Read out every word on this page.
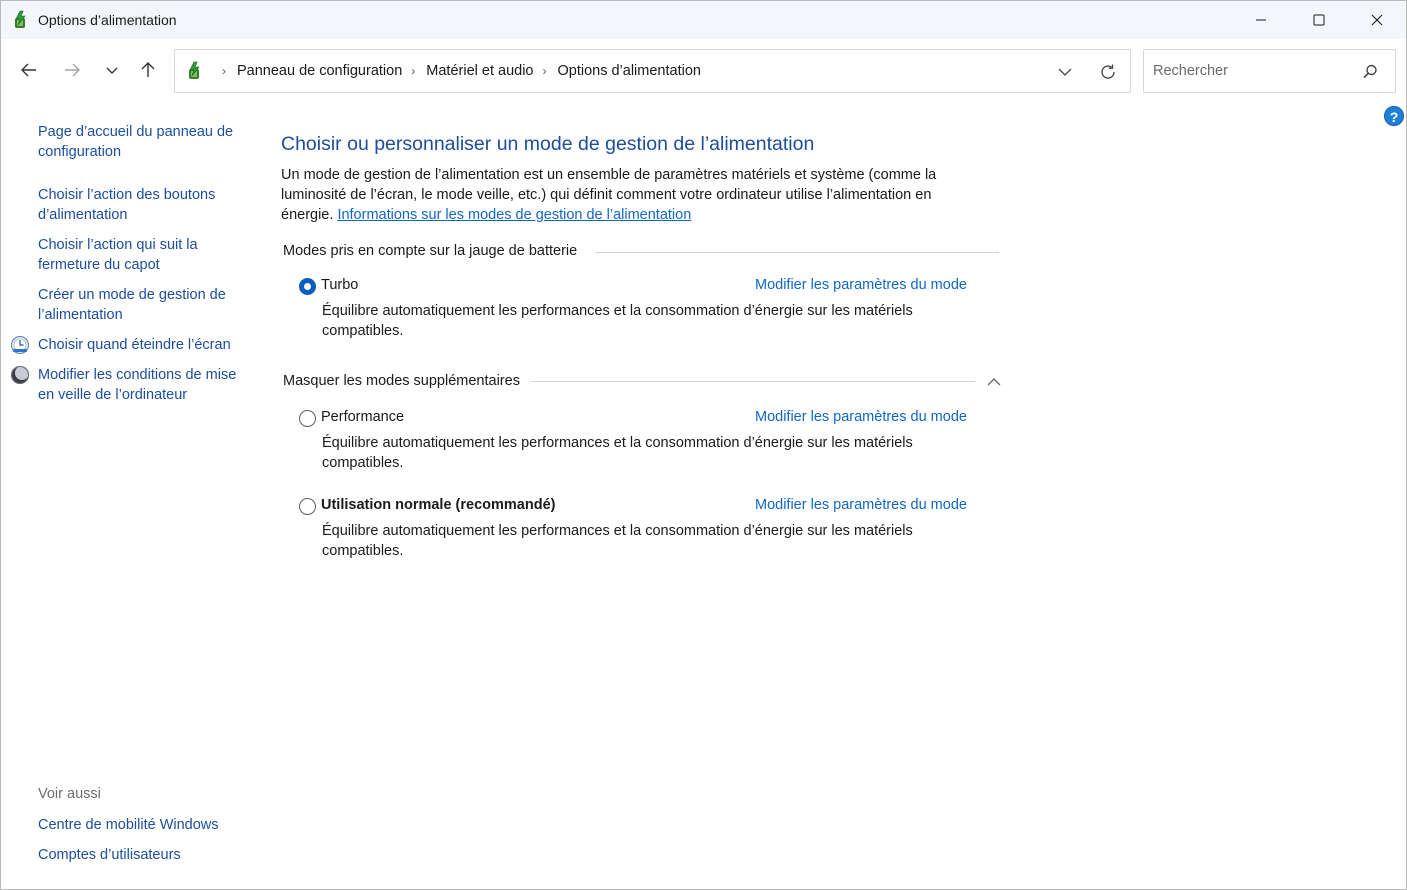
Options d’alimentation
› Panneau de configuration › Matériel et audio › Options d’alimentation
Rechercher
?
Page d’accueil du panneau de configuration
Choisir l’action des boutons d’alimentation
Choisir l’action qui suit la fermeture du capot
Créer un mode de gestion de l’alimentation
Choisir quand éteindre l’écran
Modifier les conditions de mise en veille de l’ordinateur
Voir aussi
Centre de mobilité Windows
Comptes d’utilisateurs
Choisir ou personnaliser un mode de gestion de l’alimentation
Un mode de gestion de l’alimentation est un ensemble de paramètres matériels et système (comme la luminosité de l’écran, le mode veille, etc.) qui définit comment votre ordinateur utilise l’alimentation en énergie. Informations sur les modes de gestion de l’alimentation
Modes pris en compte sur la jauge de batterie
Turbo	Modifier les paramètres du mode
Équilibre automatiquement les performances et la consommation d’énergie sur les matériels compatibles.
Masquer les modes supplémentaires
Performance	Modifier les paramètres du mode
Équilibre automatiquement les performances et la consommation d’énergie sur les matériels compatibles.
Utilisation normale (recommandé)	Modifier les paramètres du mode
Équilibre automatiquement les performances et la consommation d’énergie sur les matériels compatibles.
